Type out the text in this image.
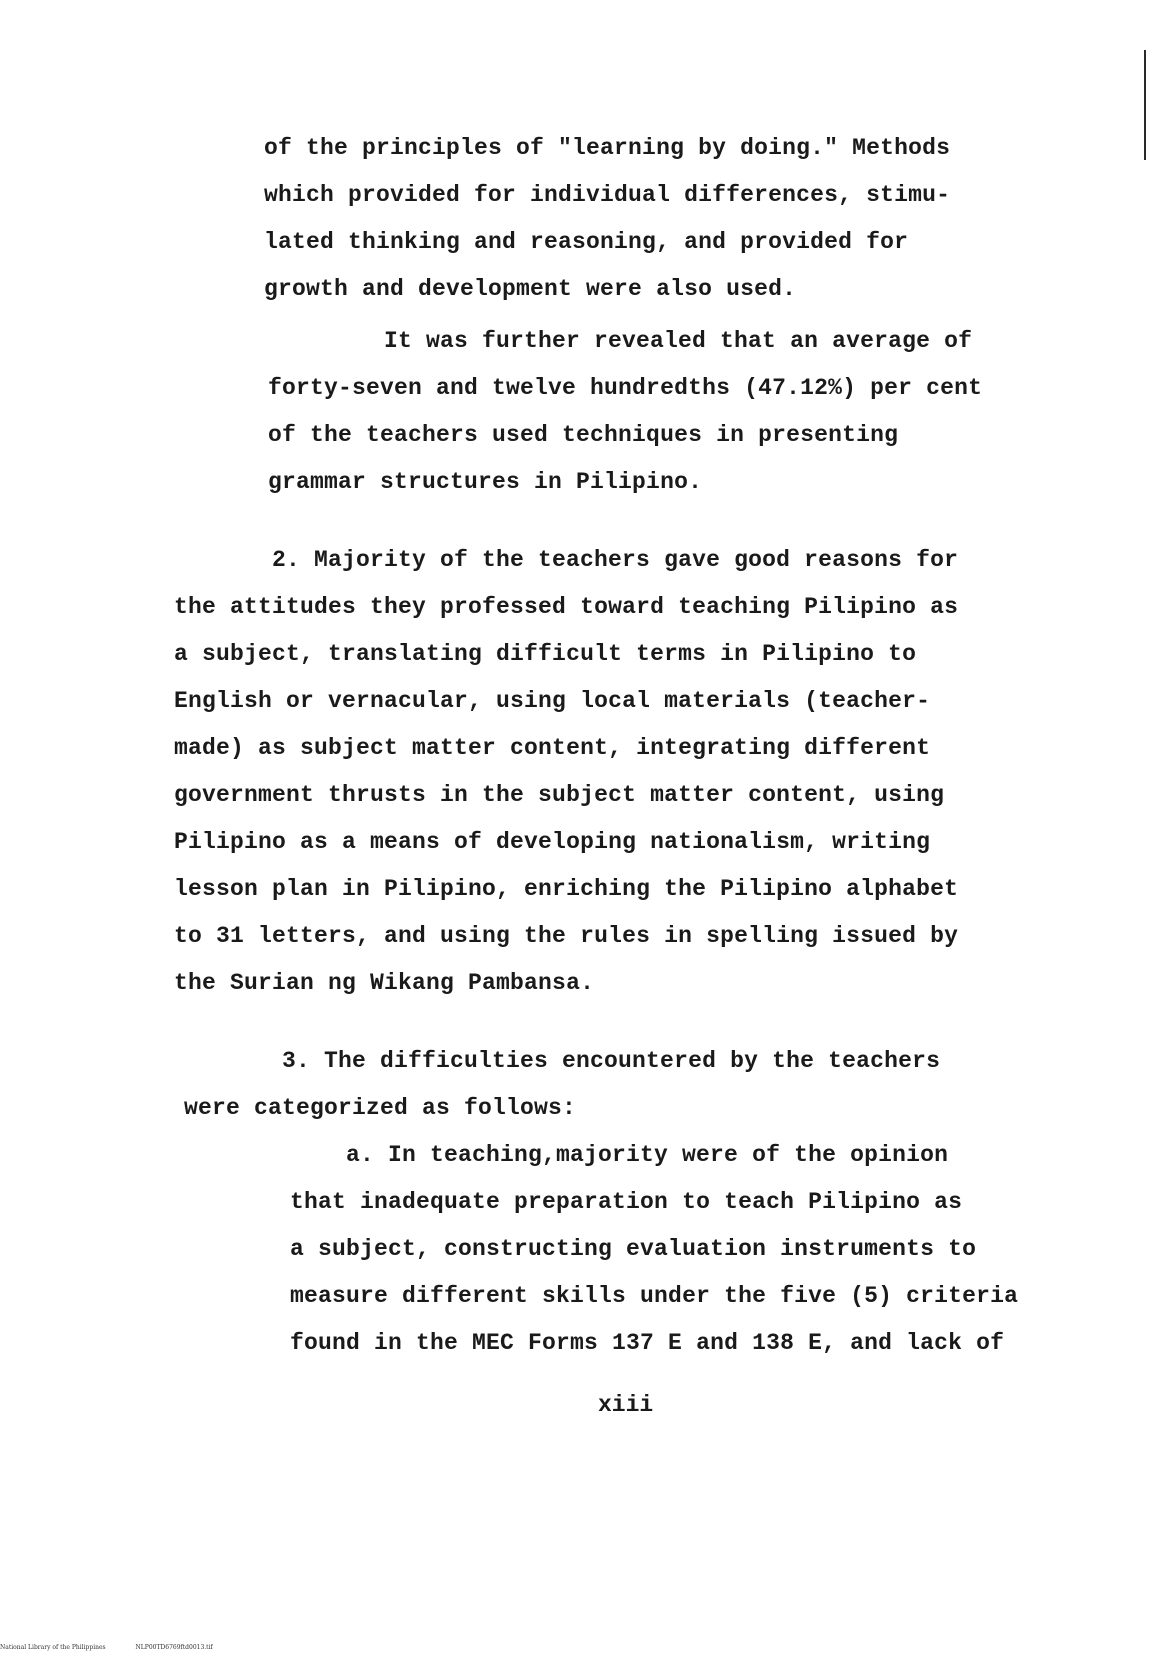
of the principles of "learning by doing." Methods
which provided for individual differences, stimu-
lated thinking and reasoning, and provided for
growth and development were also used.
It was further revealed that an average of
forty-seven and twelve hundredths (47.12%) per cent
of the teachers used techniques in presenting
grammar structures in Pilipino.
2. Majority of the teachers gave good reasons for
the attitudes they professed toward teaching Pilipino as
a subject, translating difficult terms in Pilipino to
English or vernacular, using local materials (teacher-
made) as subject matter content, integrating different
government thrusts in the subject matter content, using
Pilipino as a means of developing nationalism, writing
lesson plan in Pilipino, enriching the Pilipino alphabet
to 31 letters, and using the rules in spelling issued by
the Surian ng Wikang Pambansa.
3. The difficulties encountered by the teachers
were categorized as follows:
a. In teaching,majority were of the opinion
that inadequate preparation to teach Pilipino as
a subject, constructing evaluation instruments to
measure different skills under the five (5) criteria
found in the MEC Forms 137 E and 138 E, and lack of
xiii
National Library of the Philippines	NLP00TD6769ftd0013.tif
